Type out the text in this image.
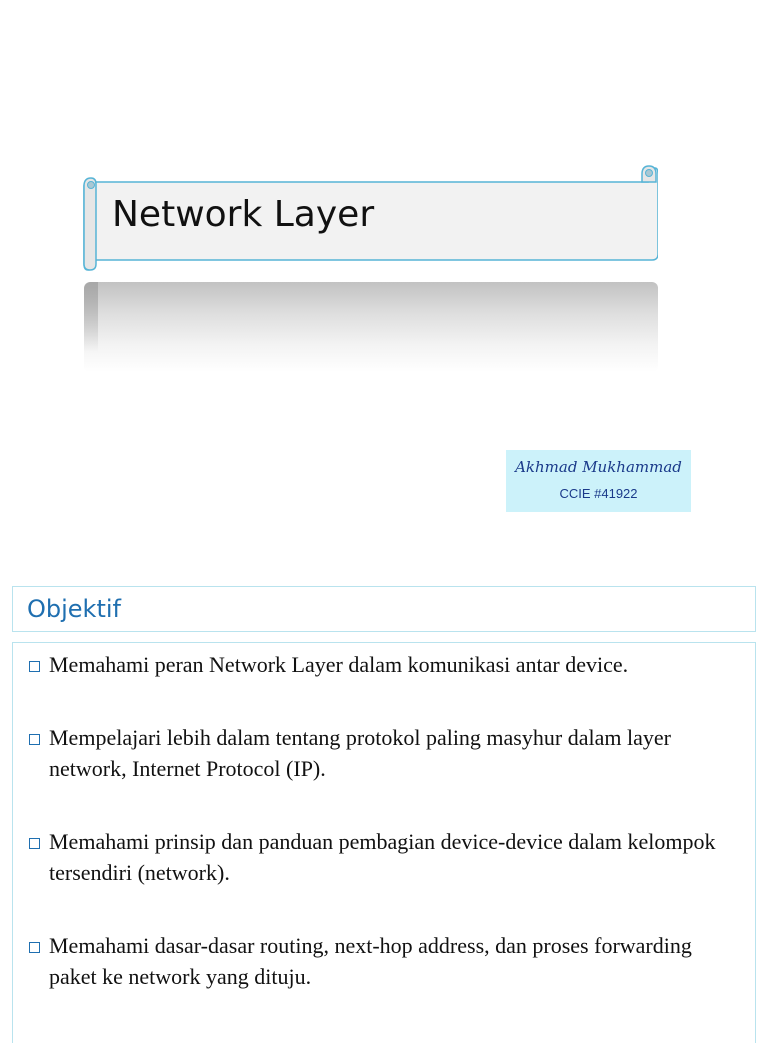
Network Layer
Akhmad Mukhammad
CCIE #41922
Objektif
Memahami peran Network Layer dalam komunikasi antar device.
Mempelajari lebih dalam tentang protokol paling masyhur dalam layer network, Internet Protocol (IP).
Memahami prinsip dan panduan pembagian device-device dalam kelompok tersendiri (network).
Memahami dasar-dasar routing, next-hop address, dan proses forwarding paket ke network yang dituju.
